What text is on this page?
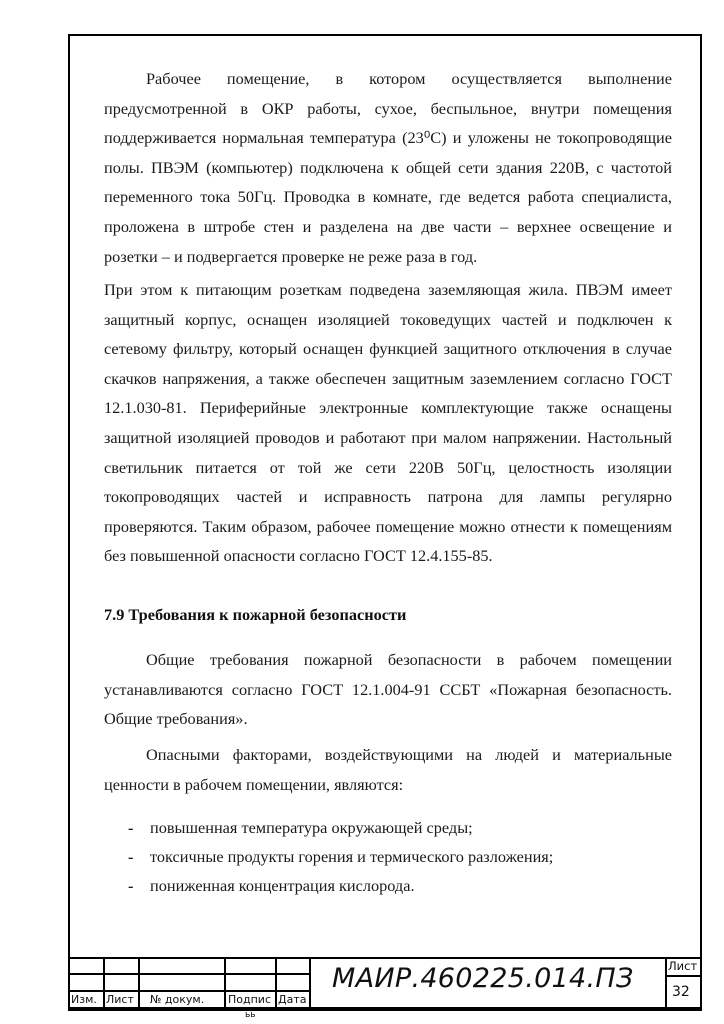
Рабочее помещение, в котором осуществляется выполнение предусмотренной в ОКР работы, сухое, беспыльное, внутри помещения поддерживается нормальная температура (23⁰С) и уложены не токопроводящие полы. ПВЭМ (компьютер) подключена к общей сети здания 220В, с частотой переменного тока 50Гц. Проводка в комнате, где ведется работа специалиста, проложена в штробе стен и разделена на две части – верхнее освещение и розетки – и подвергается проверке не реже раза в год.

При этом к питающим розеткам подведена заземляющая жила. ПВЭМ имеет защитный корпус, оснащен изоляцией токоведущих частей и подключен к сетевому фильтру, который оснащен функцией защитного отключения в случае скачков напряжения, а также обеспечен защитным заземлением согласно ГОСТ 12.1.030-81. Периферийные электронные комплектующие также оснащены защитной изоляцией проводов и работают при малом напряжении. Настольный светильник питается от той же сети 220В 50Гц, целостность изоляции токопроводящих частей и исправность патрона для лампы регулярно проверяются. Таким образом, рабочее помещение можно отнести к помещениям без повышенной опасности согласно ГОСТ 12.4.155-85.

7.9 Требования к пожарной безопасности

Общие требования пожарной безопасности в рабочем помещении устанавливаются согласно ГОСТ 12.1.004-91 ССБТ «Пожарная безопасность. Общие требования».

Опасными факторами, воздействующими на людей и материальные ценности в рабочем помещении, являются:

- повышенная температура окружающей среды;
- токсичные продукты горения и термического разложения;
- пониженная концентрация кислорода.
Изм. Лист № докум. Подпис Дата
МАИР.460225.014.ПЗ	Лист
32
ьь
